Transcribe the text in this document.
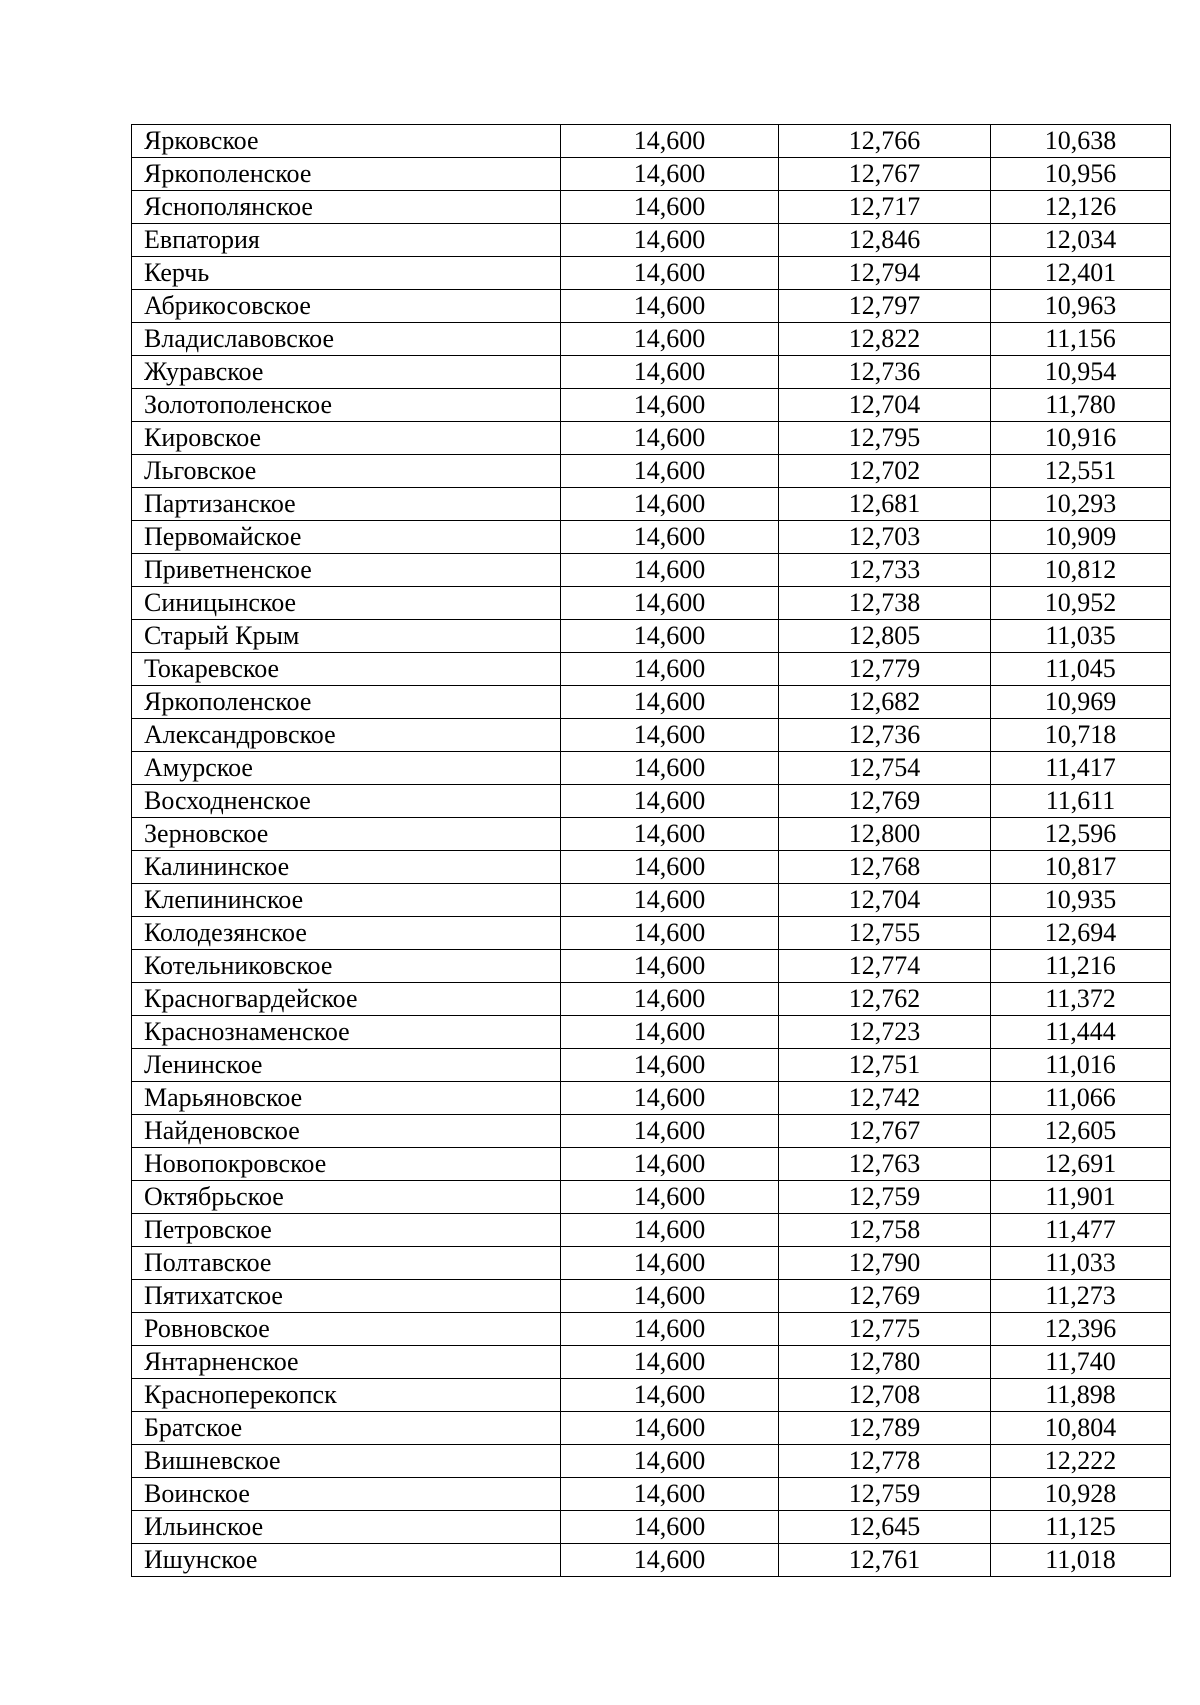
Ярковское	14,600	12,766	10,638
Яркополенское	14,600	12,767	10,956
Яснополянское	14,600	12,717	12,126
Евпатория	14,600	12,846	12,034
Керчь	14,600	12,794	12,401
Абрикосовское	14,600	12,797	10,963
Владиславовское	14,600	12,822	11,156
Журавское	14,600	12,736	10,954
Золотополенское	14,600	12,704	11,780
Кировское	14,600	12,795	10,916
Льговское	14,600	12,702	12,551
Партизанское	14,600	12,681	10,293
Первомайское	14,600	12,703	10,909
Приветненское	14,600	12,733	10,812
Синицынское	14,600	12,738	10,952
Старый Крым	14,600	12,805	11,035
Токаревское	14,600	12,779	11,045
Яркополенское	14,600	12,682	10,969
Александровское	14,600	12,736	10,718
Амурское	14,600	12,754	11,417
Восходненское	14,600	12,769	11,611
Зерновское	14,600	12,800	12,596
Калининское	14,600	12,768	10,817
Клепининское	14,600	12,704	10,935
Колодезянское	14,600	12,755	12,694
Котельниковское	14,600	12,774	11,216
Красногвардейское	14,600	12,762	11,372
Краснознаменское	14,600	12,723	11,444
Ленинское	14,600	12,751	11,016
Марьяновское	14,600	12,742	11,066
Найденовское	14,600	12,767	12,605
Новопокровское	14,600	12,763	12,691
Октябрьское	14,600	12,759	11,901
Петровское	14,600	12,758	11,477
Полтавское	14,600	12,790	11,033
Пятихатское	14,600	12,769	11,273
Ровновское	14,600	12,775	12,396
Янтарненское	14,600	12,780	11,740
Красноперекопск	14,600	12,708	11,898
Братское	14,600	12,789	10,804
Вишневское	14,600	12,778	12,222
Воинское	14,600	12,759	10,928
Ильинское	14,600	12,645	11,125
Ишунское	14,600	12,761	11,018
